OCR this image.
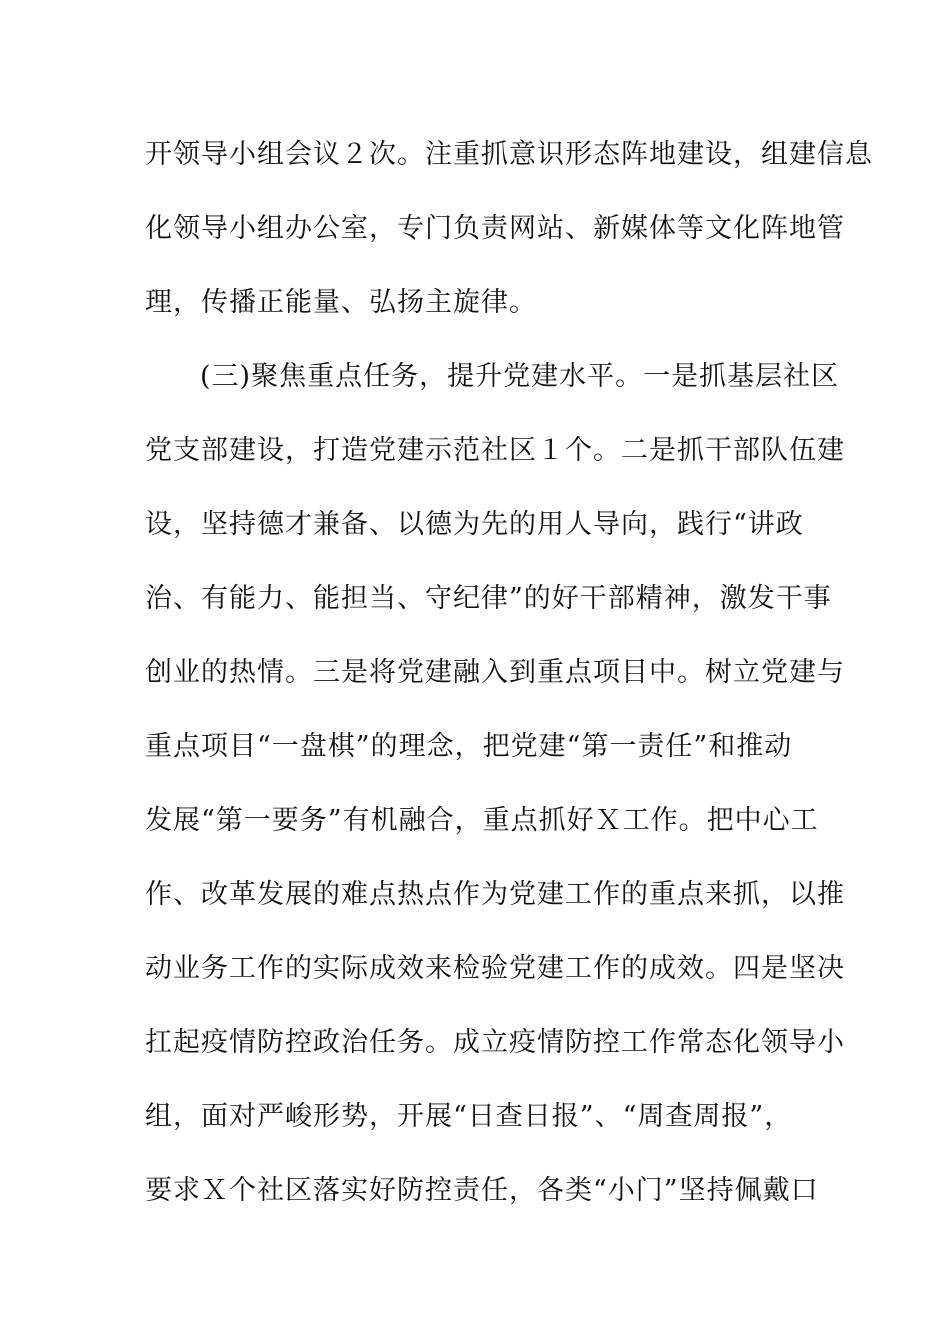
开领导小组会议２次。注重抓意识形态阵地建设，组建信息
化领导小组办公室，专门负责网站、新媒体等文化阵地管
理，传播正能量、弘扬主旋律。
(三)聚焦重点任务，提升党建水平。一是抓基层社区
党支部建设，打造党建示范社区１个。二是抓干部队伍建
设，坚持德才兼备、以德为先的用人导向，践行“讲政
治、有能力、能担当、守纪律”的好干部精神，激发干事
创业的热情。三是将党建融入到重点项目中。树立党建与
重点项目“一盘棋”的理念，把党建“第一责任”和推动
发展“第一要务”有机融合，重点抓好Ｘ工作。把中心工
作、改革发展的难点热点作为党建工作的重点来抓，以推
动业务工作的实际成效来检验党建工作的成效。四是坚决
扛起疫情防控政治任务。成立疫情防控工作常态化领导小
组，面对严峻形势，开展“日查日报”、“周查周报”，
要求Ｘ个社区落实好防控责任，各类“小门”坚持佩戴口
